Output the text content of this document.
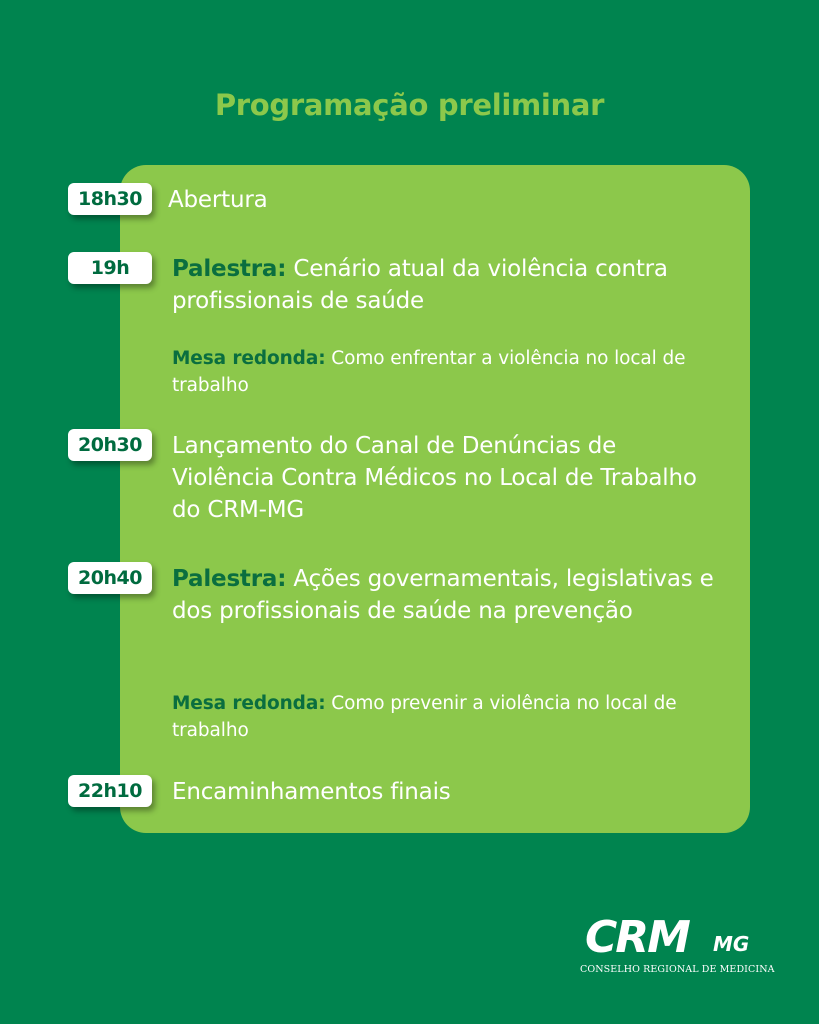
Programação preliminar
18h30	Abertura
19h	Palestra: Cenário atual da violência contra profissionais de saúde
Mesa redonda: Como enfrentar a violência no local de trabalho
20h30	Lançamento do Canal de Denúncias de Violência Contra Médicos no Local de Trabalho do CRM-MG
20h40	Palestra: Ações governamentais, legislativas e dos profissionais de saúde na prevenção
Mesa redonda: Como prevenir a violência no local de trabalho
22h10	Encaminhamentos finais
CRM MG
CONSELHO REGIONAL DE MEDICINA
